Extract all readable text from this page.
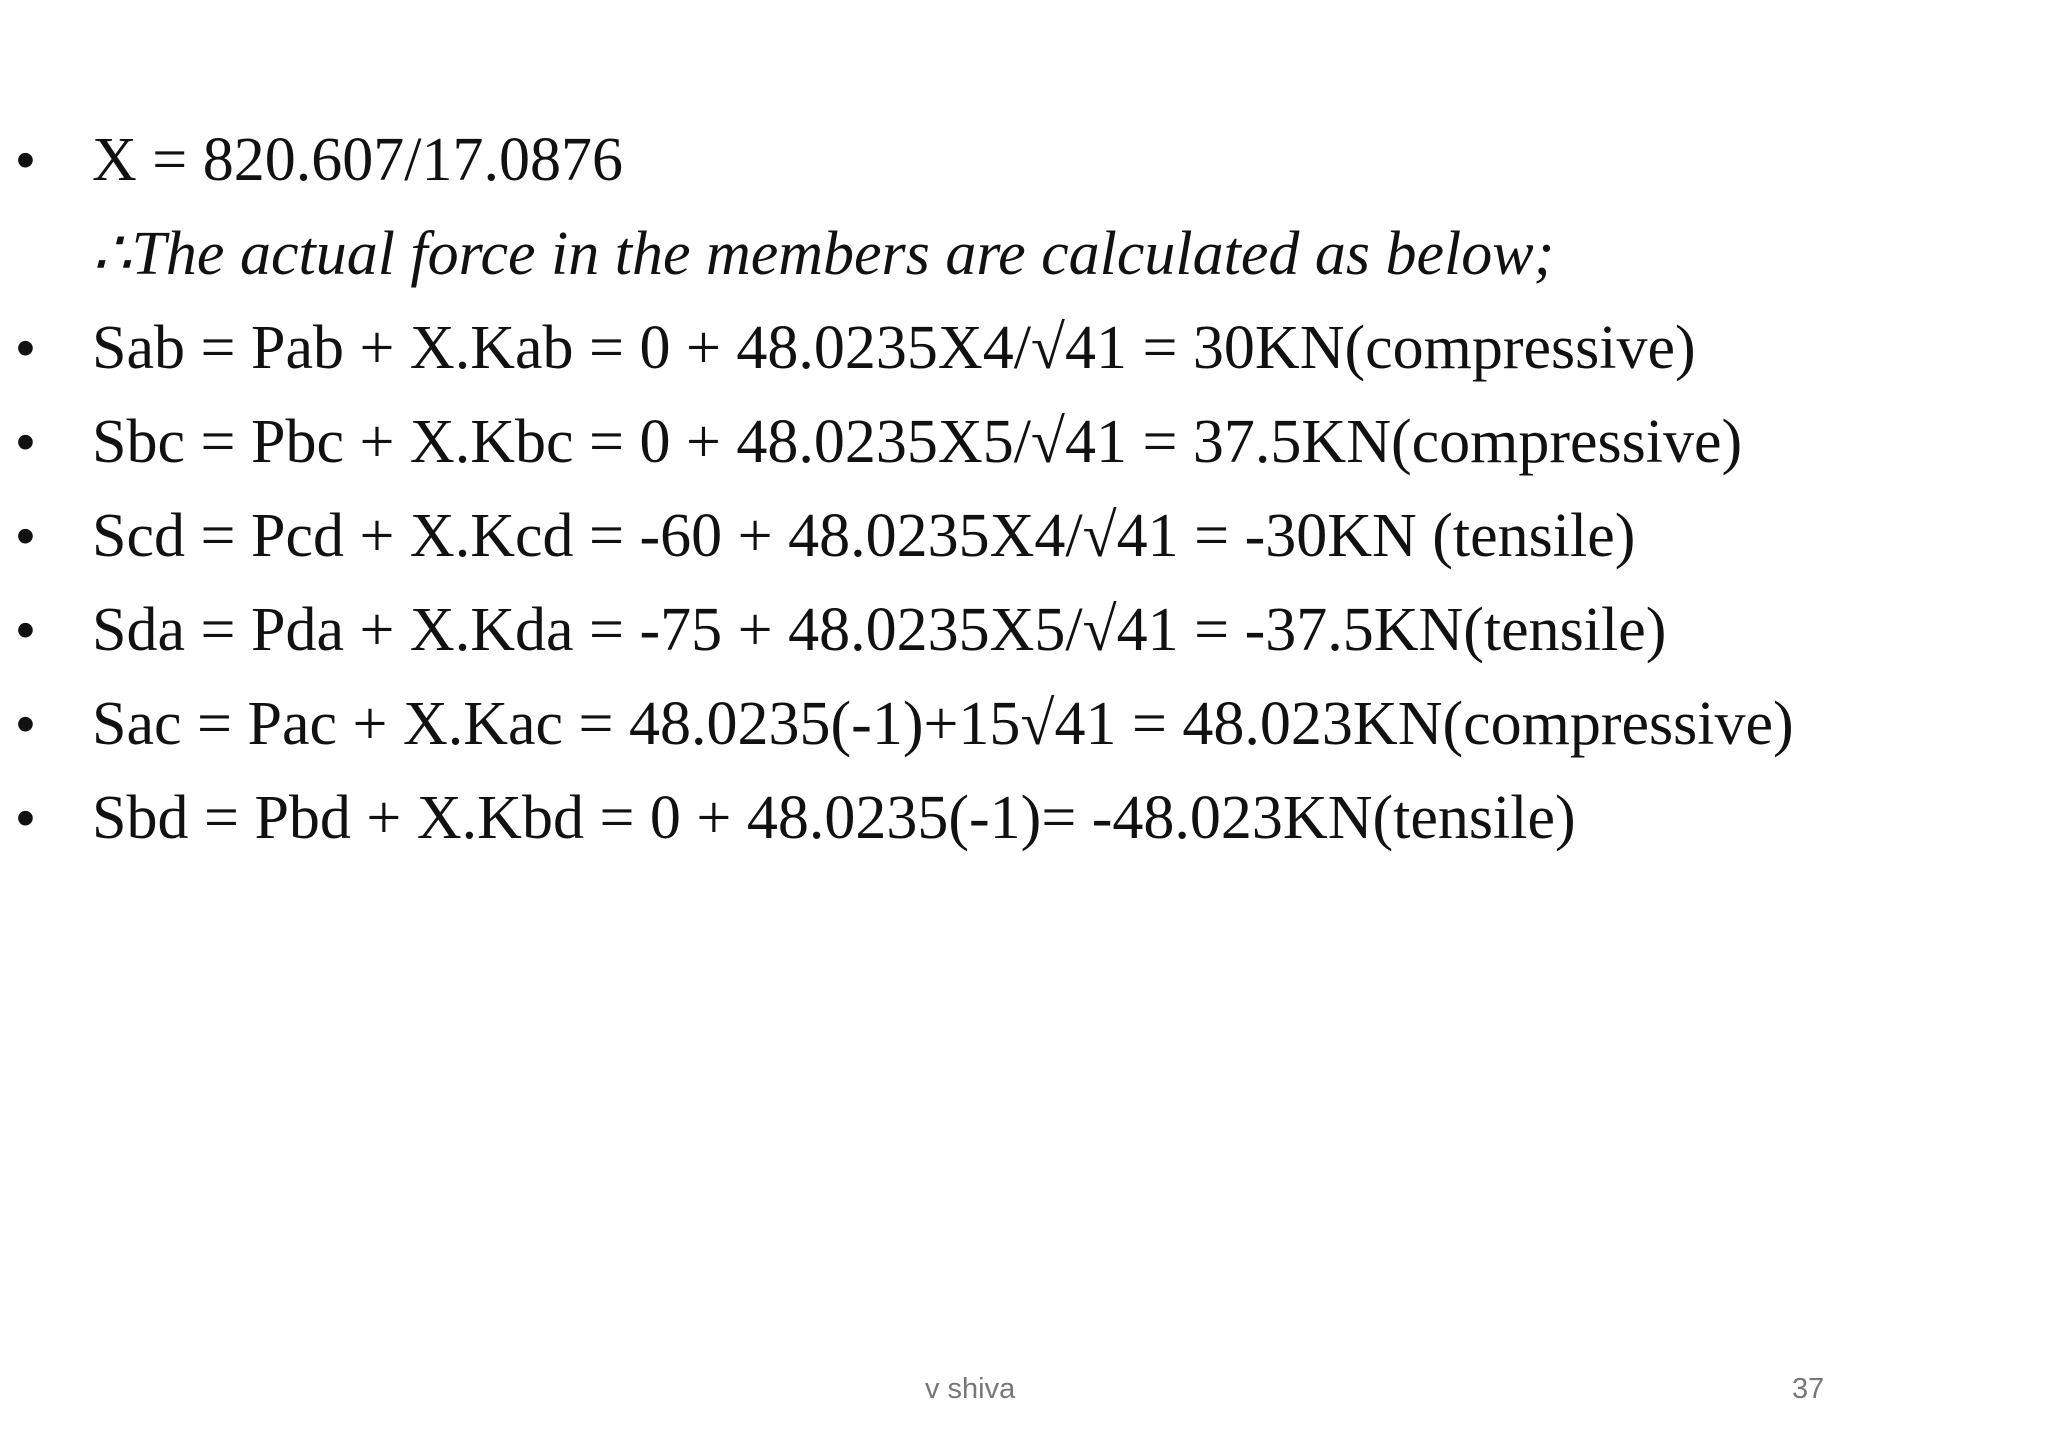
• X = 820.607/17.0876
∴The actual force in the members are calculated as below;
• Sab = Pab + X.Kab = 0 + 48.0235X4/√41 = 30KN(compressive)
• Sbc = Pbc + X.Kbc = 0 + 48.0235X5/√41 = 37.5KN(compressive)
• Scd = Pcd + X.Kcd = -60 + 48.0235X4/√41 = -30KN (tensile)
• Sda = Pda + X.Kda = -75 + 48.0235X5/√41 = -37.5KN(tensile)
• Sac = Pac + X.Kac = 48.0235(-1)+15√41 = 48.023KN(compressive)
• Sbd = Pbd + X.Kbd = 0 + 48.0235(-1)= -48.023KN(tensile)
v shiva	37
